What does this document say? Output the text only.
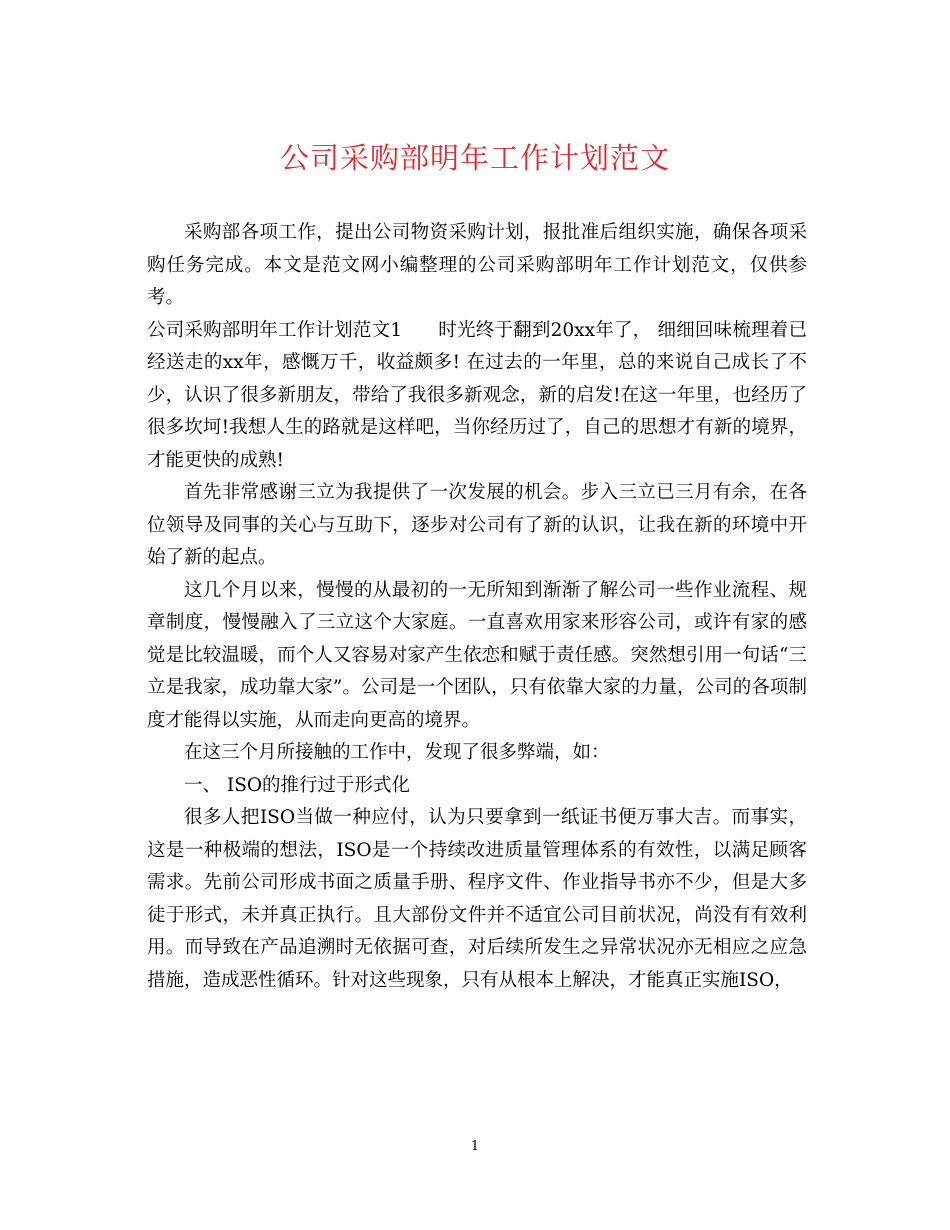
公司采购部明年工作计划范文

采购部各项工作，提出公司物资采购计划，报批准后组织实施，确保各项采购任务完成。本文是范文网小编整理的公司采购部明年工作计划范文，仅供参考。

公司采购部明年工作计划范文1 时光终于翻到20xx年了， 细细回味梳理着已经送走的xx年，感慨万千，收益颇多! 在过去的一年里，总的来说自己成长了不少，认识了很多新朋友，带给了我很多新观念，新的启发!在这一年里，也经历了很多坎坷!我想人生的路就是这样吧，当你经历过了，自己的思想才有新的境界，才能更快的成熟!

首先非常感谢三立为我提供了一次发展的机会。步入三立已三月有余，在各位领导及同事的关心与互助下，逐步对公司有了新的认识，让我在新的环境中开始了新的起点。

这几个月以来，慢慢的从最初的一无所知到渐渐了解公司一些作业流程、规章制度，慢慢融入了三立这个大家庭。一直喜欢用家来形容公司，或许有家的感觉是比较温暖，而个人又容易对家产生依恋和赋于责任感。突然想引用一句话“三立是我家，成功靠大家”。公司是一个团队，只有依靠大家的力量，公司的各项制度才能得以实施，从而走向更高的境界。

在这三个月所接触的工作中，发现了很多弊端，如：

一、 ISO的推行过于形式化

很多人把ISO当做一种应付，认为只要拿到一纸证书便万事大吉。而事实，这是一种极端的想法，ISO是一个持续改进质量管理体系的有效性，以满足顾客需求。先前公司形成书面之质量手册、程序文件、作业指导书亦不少，但是大多徒于形式，未并真正执行。且大部份文件并不适宜公司目前状况，尚没有有效利用。而导致在产品追溯时无依据可查，对后续所发生之异常状况亦无相应之应急措施，造成恶性循环。针对这些现象，只有从根本上解决，才能真正实施ISO，

1
